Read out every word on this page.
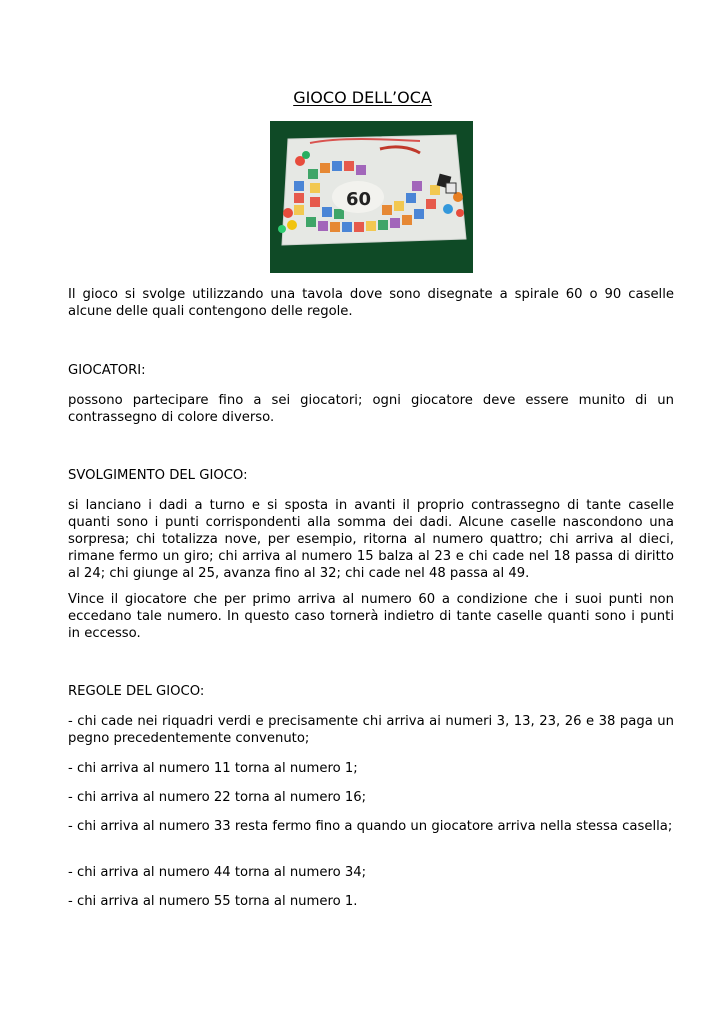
GIOCO DELL’OCA
60
Il gioco si svolge utilizzando una tavola dove sono disegnate a spirale 60 o 90 caselle alcune delle quali contengono delle regole.
GIOCATORI:
possono partecipare fino a sei giocatori; ogni giocatore deve essere munito di un contrassegno di colore diverso.
SVOLGIMENTO DEL GIOCO:
si lanciano i dadi a turno e si sposta in avanti il proprio contrassegno di tante caselle quanti sono i punti corrispondenti alla somma dei dadi. Alcune caselle nascondono una sorpresa; chi totalizza nove, per esempio, ritorna al numero quattro; chi arriva al dieci, rimane fermo un giro; chi arriva al numero 15 balza al 23 e chi cade nel 18 passa di diritto al 24; chi giunge al 25, avanza fino al 32; chi cade nel 48 passa al 49.
Vince il giocatore che per primo arriva al numero 60 a condizione che i suoi punti non eccedano tale numero. In questo caso tornerà indietro di tante caselle quanti sono i punti in eccesso.
REGOLE DEL GIOCO:
- chi cade nei riquadri verdi e precisamente chi arriva ai numeri 3, 13, 23, 26 e 38 paga un pegno precedentemente convenuto;
- chi arriva al numero 11 torna al numero 1;
- chi arriva al numero 22 torna al numero 16;
- chi arriva al numero 33 resta fermo fino a quando un giocatore arriva nella stessa casella;
- chi arriva al numero 44 torna al numero 34;
- chi arriva al numero 55 torna al numero 1.
